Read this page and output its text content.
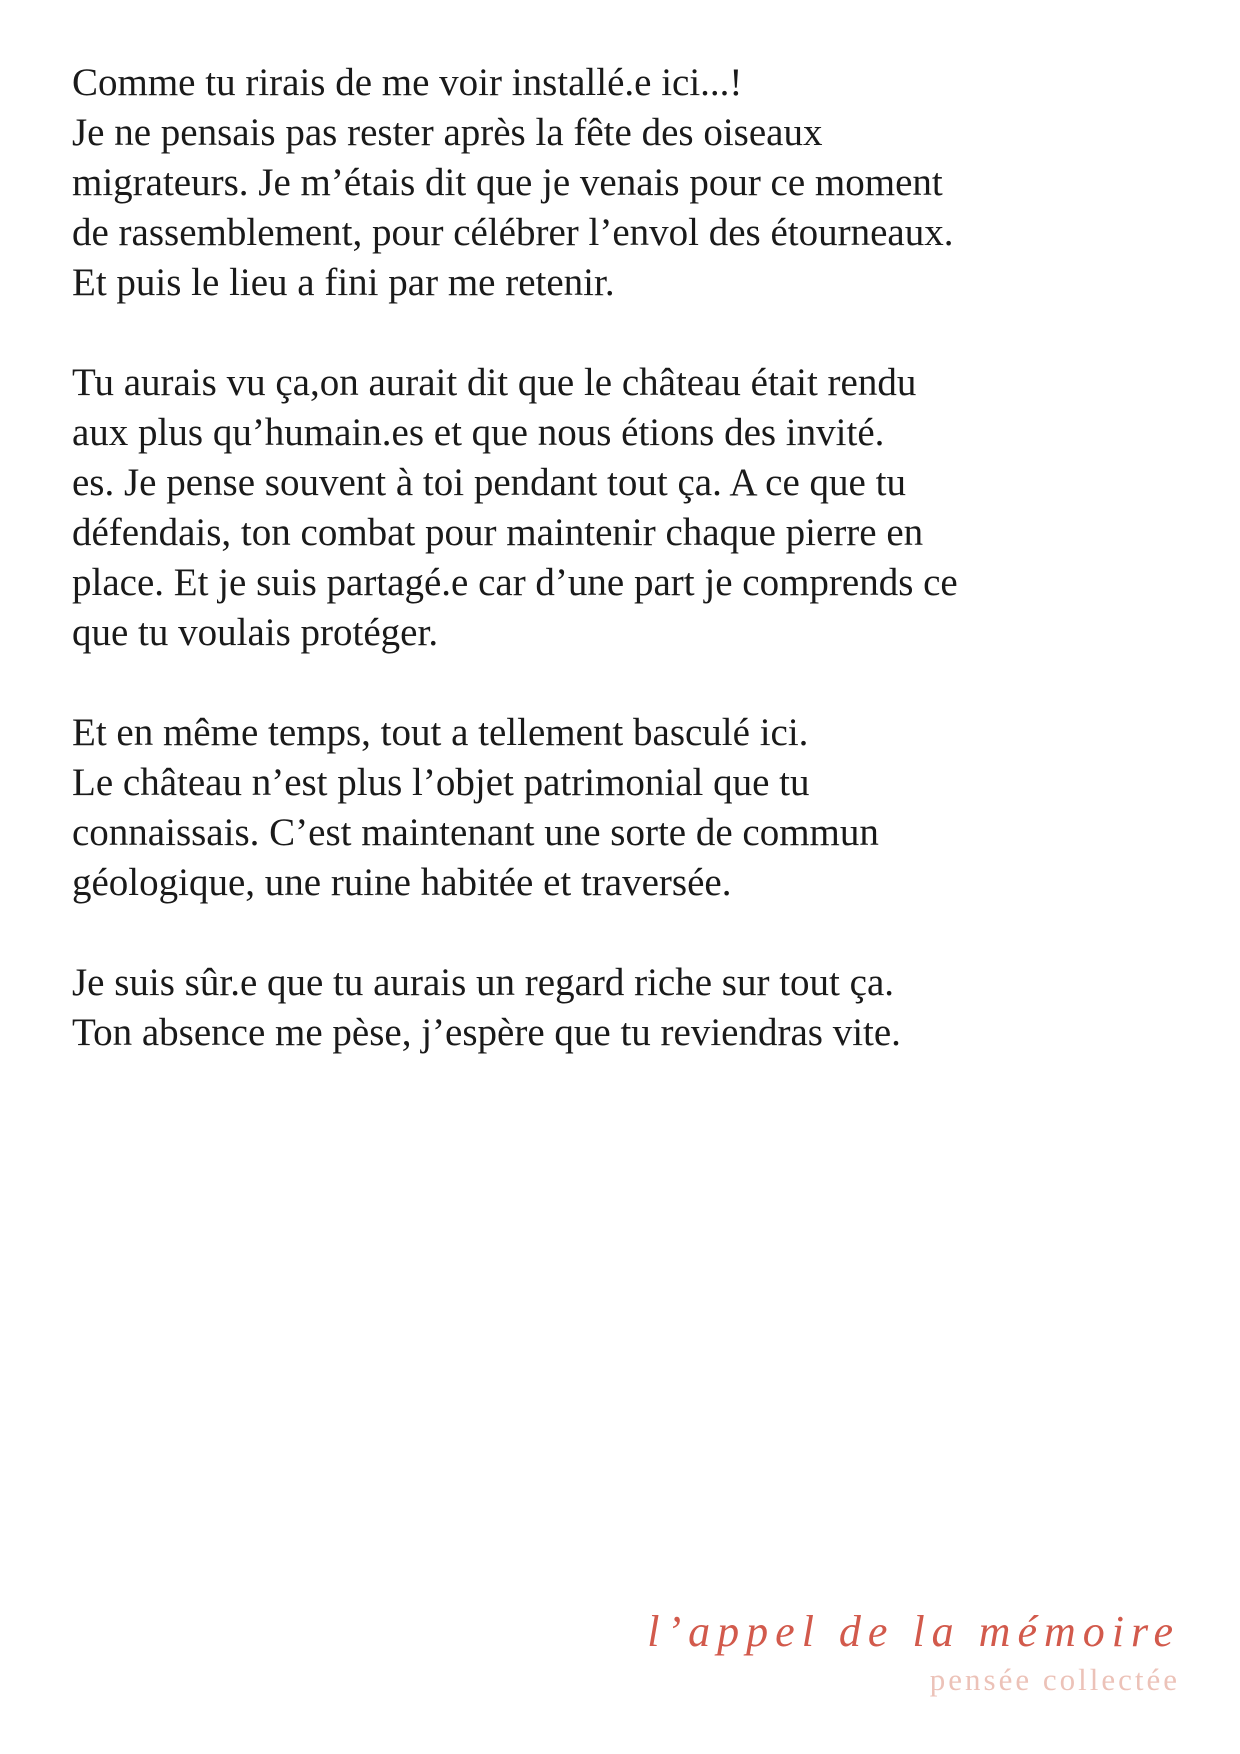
Comme tu rirais de me voir installé.e ici...!
Je ne pensais pas rester après la fête des oiseaux
migrateurs. Je m’étais dit que je venais pour ce moment
de rassemblement, pour célébrer l’envol des étourneaux.
Et puis le lieu a fini par me retenir.

Tu aurais vu ça,on aurait dit que le château était rendu
aux plus qu’humain.es et que nous étions des invité.
es. Je pense souvent à toi pendant tout ça. A ce que tu
défendais, ton combat pour maintenir chaque pierre en
place. Et je suis partagé.e car d’une part je comprends ce
que tu voulais protéger.

Et en même temps, tout a tellement basculé ici.
Le château n’est plus l’objet patrimonial que tu
connaissais. C’est maintenant une sorte de commun
géologique, une ruine habitée et traversée.

Je suis sûr.e que tu aurais un regard riche sur tout ça.
Ton absence me pèse, j’espère que tu reviendras vite.

l’appel de la mémoire
pensée collectée
